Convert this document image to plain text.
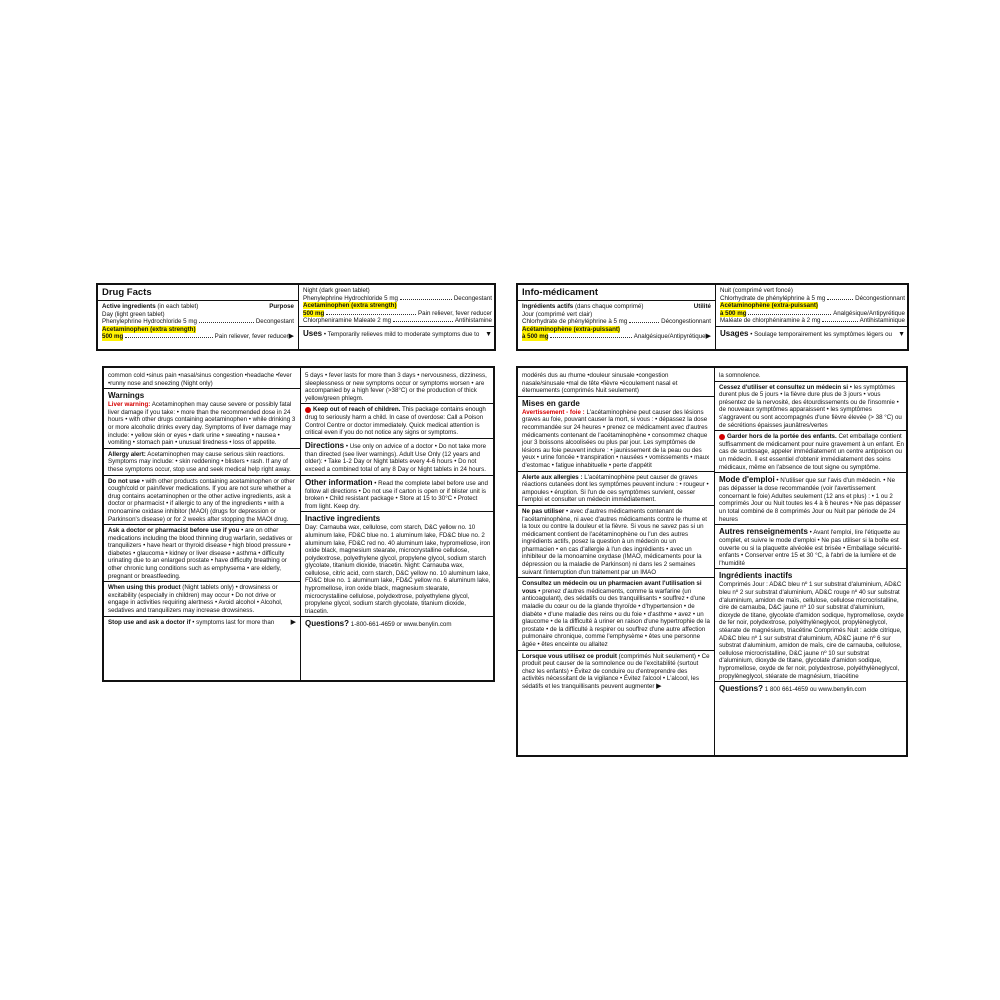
Drug Facts
Active ingredients (in each tablet)	Purpose
Day (light green tablet)
Phenylephrine Hydrochloride 5 mg	Decongestant
Acetaminophen (extra strength)
500 mg	Pain reliever, fever reducer ▶
Night (dark green tablet)
Phenylephrine Hydrochloride 5 mg	Decongestant
Acetaminophen (extra strength)
500 mg	Pain reliever, fever reducer
Chlorpheniramine Maleate 2 mg	Antihistamine
Uses • Temporarily relieves mild to moderate symptoms due to ▼
Info-médicament
Ingrédients actifs (dans chaque comprimé)	Utilité
Jour (comprimé vert clair)
Chlorhydrate de phényléphrine à 5 mg	Décongestionnant
Acétaminophène (extra-puissant)
à 500 mg	Analgésique/Antipyrétique ▶
Nuit (comprimé vert foncé)
Chlorhydrate de phényléphrine à 5 mg	Décongestionnant
Acétaminophène (extra-puissant)
à 500 mg	Analgésique/Antipyrétique
Maléate de chlorphéniramine à 2 mg	Antihistaminique
Usages • Soulage temporairement les symptômes légers ou ▼
common cold •sinus pain •nasal/sinus congestion •headache •fever •runny nose and sneezing (Night only)
Warnings
Liver warning: Acetaminophen may cause severe or possibly fatal liver damage if you take: • more than the recommended dose in 24 hours • with other drugs containing acetaminophen • while drinking 3 or more alcoholic drinks every day. Symptoms of liver damage may include: • yellow skin or eyes • dark urine • sweating • nausea • vomiting • stomach pain • unusual tiredness • loss of appetite.
Allergy alert: Acetaminophen may cause serious skin reactions. Symptoms may include: • skin reddening • blisters • rash. If any of these symptoms occur, stop use and seek medical help right away.
Do not use • with other products containing acetaminophen or other cough/cold or pain/fever medications. If you are not sure whether a drug contains acetaminophen or the other active ingredients, ask a doctor or pharmacist • if allergic to any of the ingredients • with a monoamine oxidase inhibitor (MAOI) (drugs for depression or Parkinson's disease) or for 2 weeks after stopping the MAOI drug.
Ask a doctor or pharmacist before use if you • are on other medications including the blood thinning drug warfarin, sedatives or tranquilizers • have heart or thyroid disease • high blood pressure • diabetes • glaucoma • kidney or liver disease • asthma • difficulty urinating due to an enlarged prostate • have difficulty breathing or other chronic lung conditions such as emphysema • are elderly, pregnant or breastfeeding.
When using this product (Night tablets only) • drowsiness or excitability (especially in children) may occur • Do not drive or engage in activities requiring alertness • Avoid alcohol • Alcohol, sedatives and tranquilizers may increase drowsiness.
Stop use and ask a doctor if • symptoms last for more than ▶
5 days • fever lasts for more than 3 days • nervousness, dizziness, sleeplessness or new symptoms occur or symptoms worsen • are accompanied by a high fever (>38°C) or the production of thick yellow/green phlegm.
Keep out of reach of children. This package contains enough drug to seriously harm a child. In case of overdose: Call a Poison Control Centre or doctor immediately. Quick medical attention is critical even if you do not notice any signs or symptoms.
Directions • Use only on advice of a doctor • Do not take more than directed (see liver warnings). Adult Use Only (12 years and older): • Take 1-2 Day or Night tablets every 4-6 hours • Do not exceed a combined total of any 8 Day or Night tablets in 24 hours.
Other information • Read the complete label before use and follow all directions • Do not use if carton is open or if blister unit is broken • Child resistant package • Store at 15 to 30°C • Protect from light. Keep dry.
Inactive ingredients
Day: Carnauba wax, cellulose, corn starch, D&C yellow no. 10 aluminum lake, FD&C blue no. 1 aluminum lake, FD&C blue no. 2 aluminum lake, FD&C red no. 40 aluminum lake, hypromellose, iron oxide black, magnesium stearate, microcrystalline cellulose, polydextrose, polyethylene glycol, propylene glycol, sodium starch glycolate, titanium dioxide, triacetin. Night: Carnauba wax, cellulose, citric acid, corn starch, D&C yellow no. 10 aluminum lake, FD&C blue no. 1 aluminum lake, FD&C yellow no. 6 aluminum lake, hypromellose, iron oxide black, magnesium stearate, microcrystalline cellulose, polydextrose, polyethylene glycol, propylene glycol, sodium starch glycolate, titanium dioxide, triacetin.
Questions? 1-800-661-4659 or www.benylin.com
modérés dus au rhume •douleur sinusale •congestion nasale/sinusale •mal de tête •fièvre •écoulement nasal et éternuements (comprimés Nuit seulement)
Mises en garde
Avertissement - foie : L'acétaminophène peut causer des lésions graves au foie, pouvant causer la mort, si vous : • dépassez la dose recommandée sur 24 heures • prenez ce médicament avec d'autres médicaments contenant de l'acétaminophène • consommez chaque jour 3 boissons alcoolisées ou plus par jour. Les symptômes de lésions au foie peuvent inclure : • jaunissement de la peau ou des yeux • urine foncée • transpiration • nausées • vomissements • maux d'estomac • fatigue inhabituelle • perte d'appétit
Alerte aux allergies : L'acétaminophène peut causer de graves réactions cutanées dont les symptômes peuvent inclure : • rougeur • ampoules • éruption. Si l'un de ces symptômes survient, cesser l'emploi et consulter un médecin immédiatement.
Ne pas utiliser • avec d'autres médicaments contenant de l'acétaminophène, ni avec d'autres médicaments contre le rhume et la toux ou contre la douleur et la fièvre. Si vous ne savez pas si un médicament contient de l'acétaminophène ou l'un des autres ingrédients actifs, posez la question à un médecin ou un pharmacien • en cas d'allergie à l'un des ingrédients • avec un inhibiteur de la monoamine oxydase (IMAO, médicaments pour la dépression ou la maladie de Parkinson) ni dans les 2 semaines suivant l'interruption d'un traitement par un IMAO
Consultez un médecin ou un pharmacien avant l'utilisation si vous • prenez d'autres médicaments, comme la warfarine (un anticoagulant), des sédatifs ou des tranquillisants • souffrez • d'une maladie du cœur ou de la glande thyroïde • d'hypertension • de diabète • d'une maladie des reins ou du foie • d'asthme • avez • un glaucome • de la difficulté à uriner en raison d'une hypertrophie de la prostate • de la difficulté à respirer ou souffrez d'une autre affection pulmonaire chronique, comme l'emphysème • êtes une personne âgée • êtes enceinte ou allaitez
Lorsque vous utilisez ce produit (comprimés Nuit seulement) • Ce produit peut causer de la somnolence ou de l'excitabilité (surtout chez les enfants) • Évitez de conduire ou d'entreprendre des activités nécessitant de la vigilance • Évitez l'alcool • L'alcool, les sédatifs et les tranquillisants peuvent augmenter ▶
la somnolence.
Cessez d'utiliser et consultez un médecin si • les symptômes durent plus de 5 jours • la fièvre dure plus de 3 jours • vous présentez de la nervosité, des étourdissements ou de l'insomnie • de nouveaux symptômes apparaissent • les symptômes s'aggravent ou sont accompagnés d'une fièvre élevée (> 38 °C) ou de sécrétions épaisses jaunâtres/vertes
Garder hors de la portée des enfants. Cet emballage contient suffisamment de médicament pour nuire gravement à un enfant. En cas de surdosage, appeler immédiatement un centre antipoison ou un médecin. Il est essentiel d'obtenir immédiatement des soins médicaux, même en l'absence de tout signe ou symptôme.
Mode d'emploi • N'utiliser que sur l'avis d'un médecin. • Ne pas dépasser la dose recommandée (voir l'avertissement concernant le foie) Adultes seulement (12 ans et plus) : • 1 ou 2 comprimés Jour ou Nuit toutes les 4 à 6 heures • Ne pas dépasser un total combiné de 8 comprimés Jour ou Nuit par période de 24 heures
Autres renseignements • Avant l'emploi, lire l'étiquette au complet, et suivre le mode d'emploi • Ne pas utiliser si la boîte est ouverte ou si la plaquette alvéolée est brisée • Emballage sécurité-enfants • Conserver entre 15 et 30 °C, à l'abri de la lumière et de l'humidité
Ingrédients inactifs
Comprimés Jour : AD&C bleu nº 1 sur substrat d'aluminium, AD&C bleu nº 2 sur substrat d'aluminium, AD&C rouge nº 40 sur substrat d'aluminium, amidon de maïs, cellulose, cellulose microcristalline, cire de carnauba, D&C jaune nº 10 sur substrat d'aluminium, dioxyde de titane, glycolate d'amidon sodique, hypromellose, oxyde de fer noir, polydextrose, polyéthylèneglycol, propylèneglycol, stéarate de magnésium, triacétine Comprimés Nuit : acide citrique, AD&C bleu nº 1 sur substrat d'aluminium, AD&C jaune nº 6 sur substrat d'aluminium, amidon de maïs, cire de carnauba, cellulose, cellulose microcristalline, D&C jaune nº 10 sur substrat d'aluminium, dioxyde de titane, glycolate d'amidon sodique, hypromellose, oxyde de fer noir, polydextrose, polyéthylèneglycol, propylèneglycol, stéarate de magnésium, triacétine
Questions? 1 800 661-4659 ou www.benylin.com
